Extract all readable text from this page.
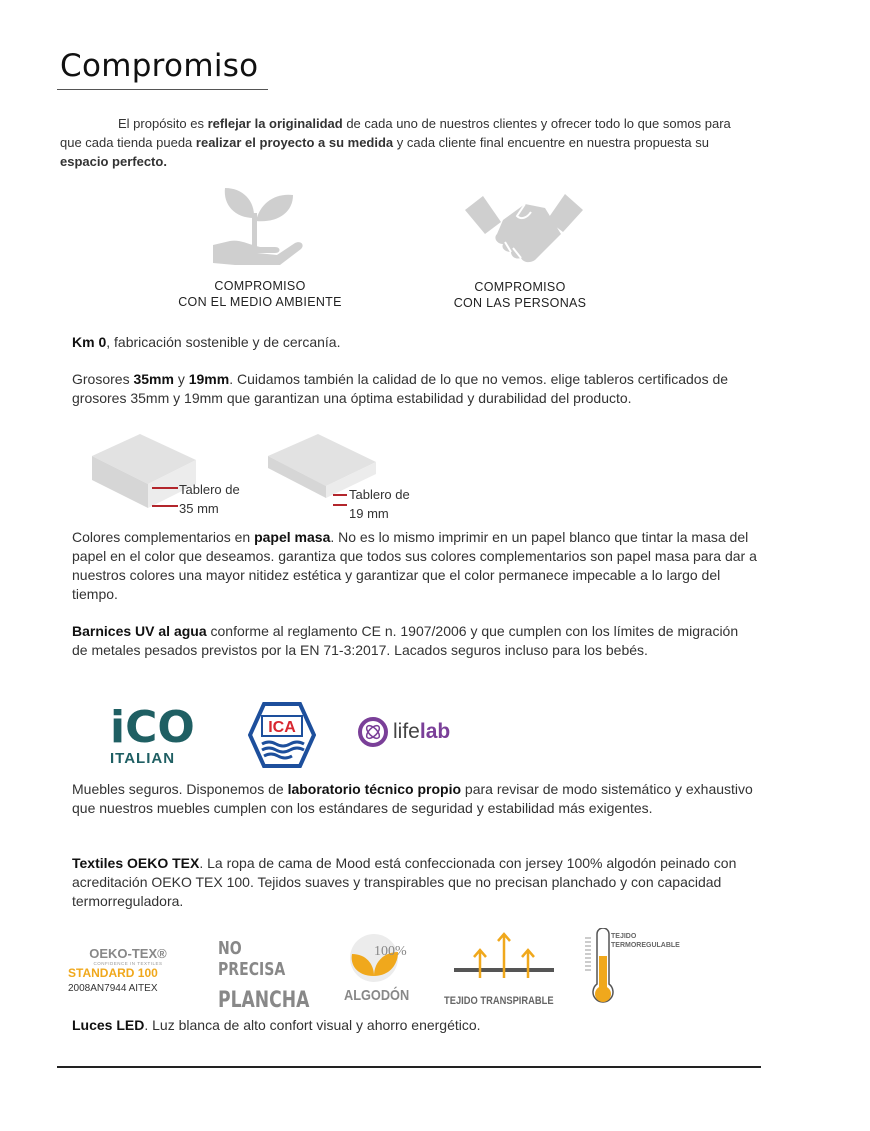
Compromiso
El propósito es reflejar la originalidad de cada uno de nuestros clientes y ofrecer todo lo que somos para que cada tienda pueda realizar el proyecto a su medida y cada cliente final encuentre en nuestra propuesta su espacio perfecto.
COMPROMISO
CON EL MEDIO AMBIENTE
COMPROMISO
CON LAS PERSONAS
Km 0, fabricación sostenible y de cercanía.
Grosores 35mm y 19mm. Cuidamos también la calidad de lo que no vemos. elige tableros certificados de grosores 35mm y 19mm que garantizan una óptima estabilidad y durabilidad del producto.
Tablero de
35 mm
Tablero de
19 mm
Colores complementarios en papel masa. No es lo mismo imprimir en un papel blanco que tintar la masa del papel en el color que deseamos. garantiza que todos sus colores complementarios son papel masa para dar a nuestros colores una mayor nitidez estética y garantizar que el color permanece impecable a lo largo del   tiempo.
Barnices UV al agua conforme al reglamento CE n. 1907/2006 y que cumplen con los límites de migración de metales pesados previstos por la EN 71-3:2017. Lacados seguros incluso para los bebés.
iCO
ITALIAN
ICA	life lab
Muebles seguros. Disponemos de laboratorio técnico propio para revisar de modo sistemático y exhaustivo que nuestros muebles cumplen con los estándares de seguridad y estabilidad más exigentes.
Textiles OEKO TEX. La ropa de cama de Mood está confeccionada con jersey 100% algodón peinado con acreditación OEKO TEX 100. Tejidos suaves y transpirables que no precisan planchado y con capacidad termorreguladora.
OEKO-TEX®
CONFIDENCE IN TEXTILES
STANDARD 100
2008AN7944 AITEX
NO PRECISA
PLANCHA
100%
ALGODÓN	TEJIDO TRANSPIRABLE
TEJIDO
TERMOREGULABLE
Luces LED. Luz blanca de alto confort visual y ahorro energético.
